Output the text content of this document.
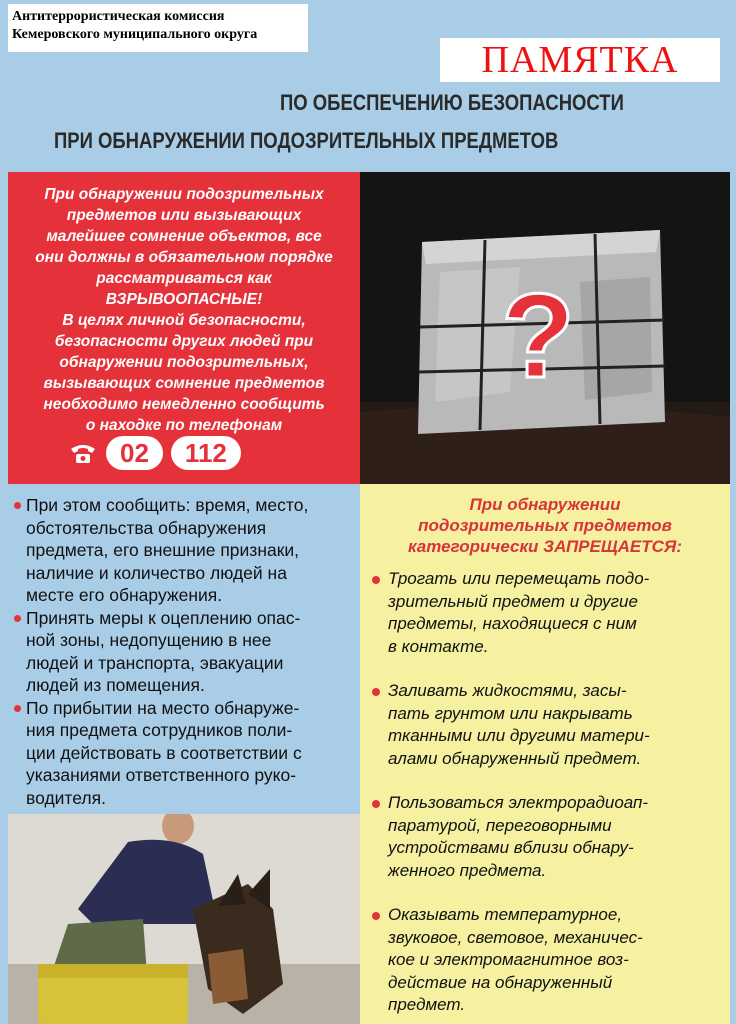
Антитеррористическая комиссия
Кемеровского муниципального округа
ПАМЯТКА
ПО ОБЕСПЕЧЕНИЮ БЕЗОПАСНОСТИ
ПРИ ОБНАРУЖЕНИИ ПОДОЗРИТЕЛЬНЫХ ПРЕДМЕТОВ

При обнаружении подозрительных

предметов или вызывающих

малейшее сомнение объектов, все

они должны в обязательном порядке

рассматриваться как

ВЗРЫВООПАСНЫЕ!

В целях личной безопасности,

безопасности других людей при

обнаружении подозрительных,

вызывающих сомнение предметов

необходимо немедленно сообщить

о находке по телефонам

02	112
?
При этом сообщить: время, место,
обстоятельства обнаружения
предмета, его внешние признаки,
наличие и количество людей на
месте его обнаружения.
Принять меры к оцеплению опас-
ной зоны, недопущению в нее
людей и транспорта, эвакуации
людей из помещения.
По прибытии на место обнаруже-
ния предмета сотрудников поли-
ции действовать в соответствии с
указаниями ответственного руко-
водителя.
При обнаружении
подозрительных предметов
категорически ЗАПРЕЩАЕТСЯ:
Трогать или перемещать подо-
зрительный предмет и другие
предметы, находящиеся с ним
в контакте.
Заливать жидкостями, засы-
пать грунтом или накрывать
тканными или другими матери-
алами обнаруженный предмет.
Пользоваться электрорадиоап-
паратурой, переговорными
устройствами вблизи обнару-
женного предмета.
Оказывать температурное,
звуковое, световое, механичес-
кое и электромагнитное воз-
действие на обнаруженный
предмет.
